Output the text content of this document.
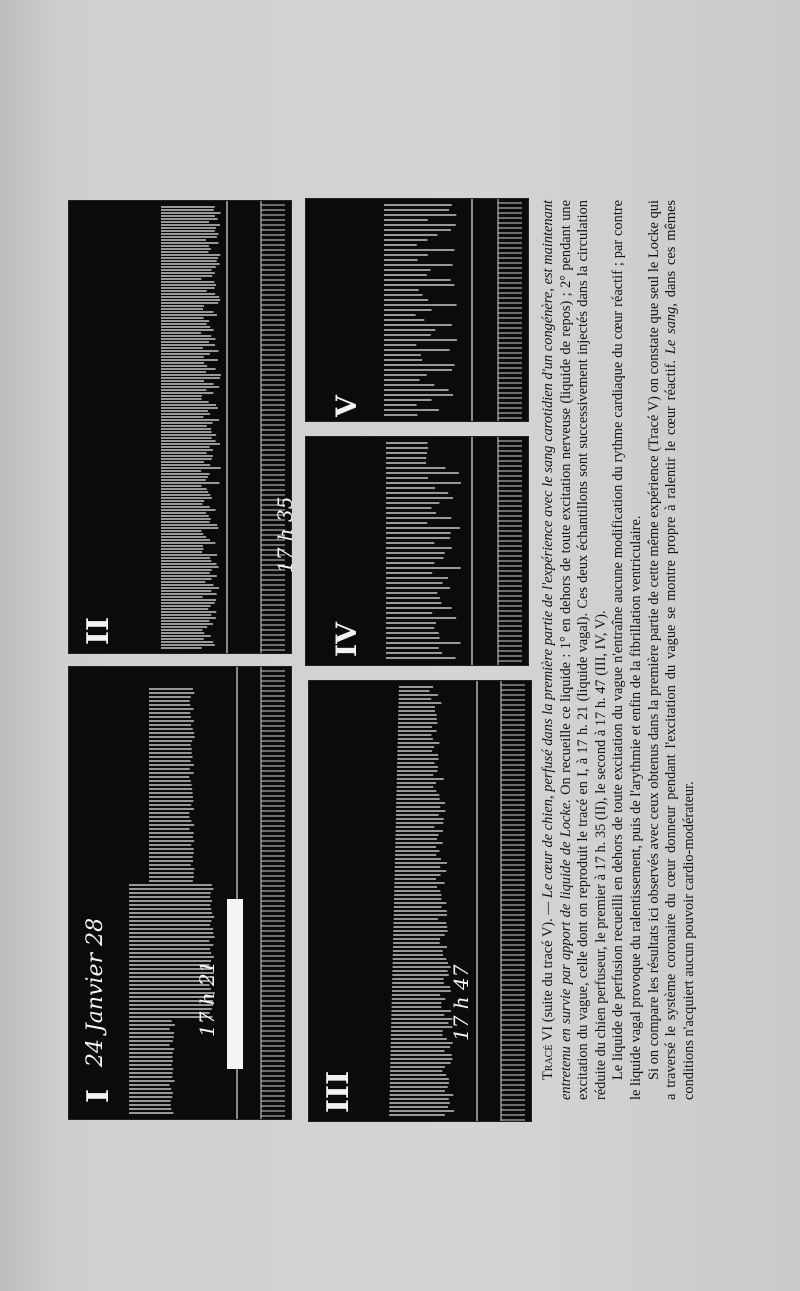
I
24 Janvier 28	17 h 21
II
17 h 35
III
17 h 47
IV
V

Tracé VI (suite du tracé V). — Le cœur de chien, perfusé dans la première partie de l'expérience avec le sang carotidien d'un congénère, est maintenant entretenu en survie par apport de liquide de Locke. On recueille ce liquide : 1° en dehors de toute excitation nerveuse (liquide de repos) ; 2° pendant une excitation du vague, celle dont on reproduit le tracé en I, à 17 h. 21 (liquide vagal). Ces deux échantillons sont successivement injectés dans la circulation réduite du chien perfuseur, le premier à 17 h. 35 (II), le second à 17 h. 47 (III, IV, V). Le liquide de perfusion recueilli en dehors de toute excitation du vague n'entraîne aucune modification du rythme cardiaque du cœur réactif ; par contre le liquide vagal provoque du ralentissement, puis de l'arythmie et enfin de la fibrillation ventriculaire. Si on compare les résultats ici observés avec ceux obtenus dans la première partie de cette même expérience (Tracé V) on constate que seul le Locke qui a traversé le système coronaire du cœur donneur pendant l'excitation du vague se montre propre à ralentir le cœur réactif. Le sang, dans ces mêmes conditions n'acquiert aucun pouvoir cardio-modérateur.
